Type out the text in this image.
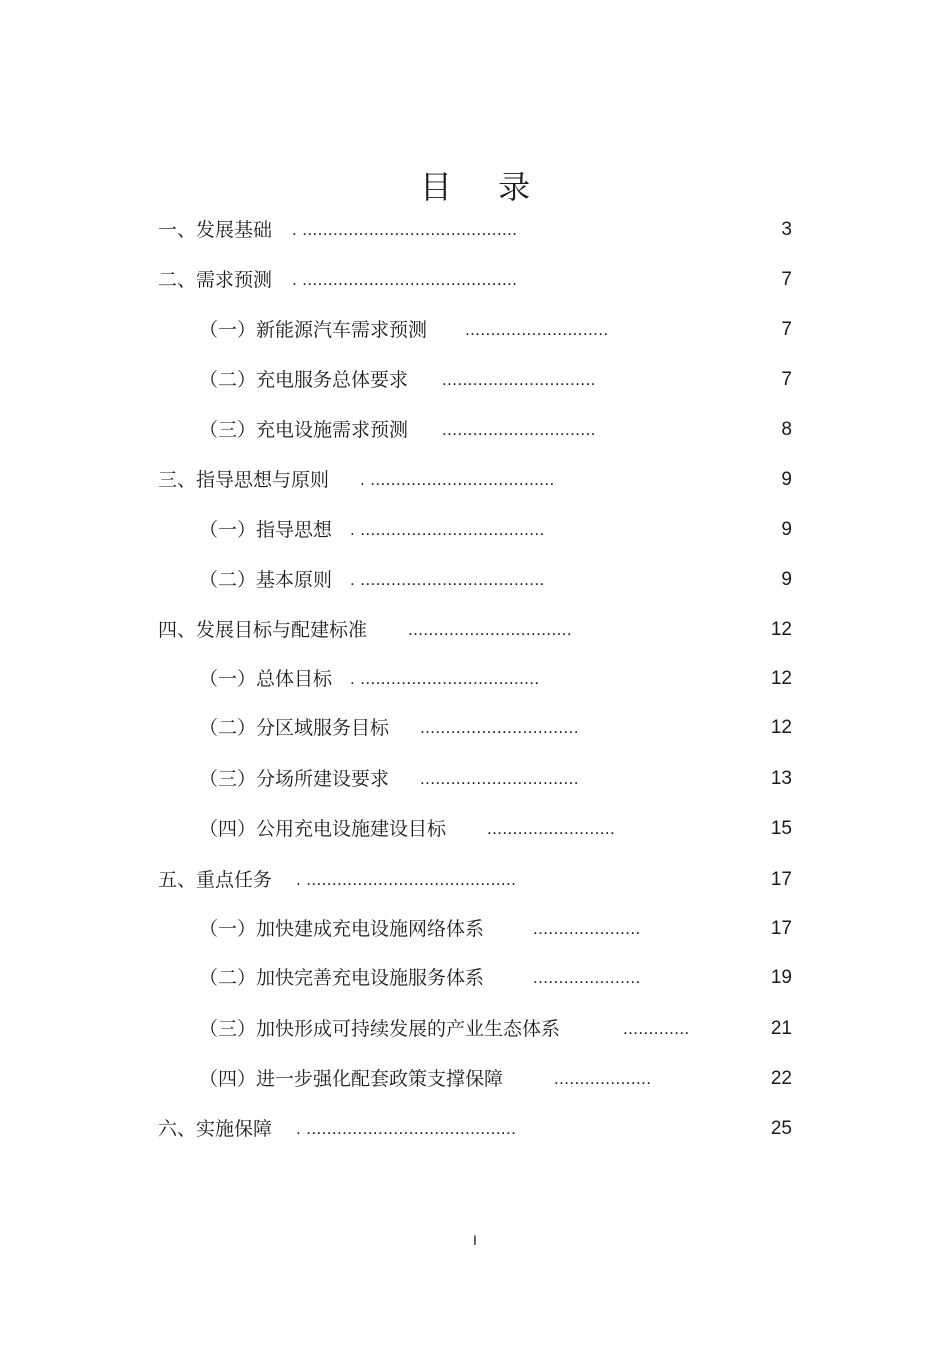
目 录
一、发展基础 . ..........................................	3
二、需求预测 . ..........................................	7
（一）新能源汽车需求预测 ............................	7
（二）充电服务总体要求 ..............................	7
（三）充电设施需求预测 ..............................	8
三、指导思想与原则 . ....................................	9
（一）指导思想 . ....................................	9
（二）基本原则 . ....................................	9
四、发展目标与配建标准 ................................	12
（一）总体目标 . ...................................	12
（二）分区域服务目标 ...............................	12
（三）分场所建设要求 ...............................	13
（四）公用充电设施建设目标 .........................	15
五、重点任务 . .........................................	17
（一）加快建成充电设施网络体系	.....................	17
（二）加快完善充电设施服务体系	.....................	19
（三）加快形成可持续发展的产业生态体系	.............	21
（四）进一步强化配套政策支撑保障	...................	22
六、实施保障 . .........................................	25
I
